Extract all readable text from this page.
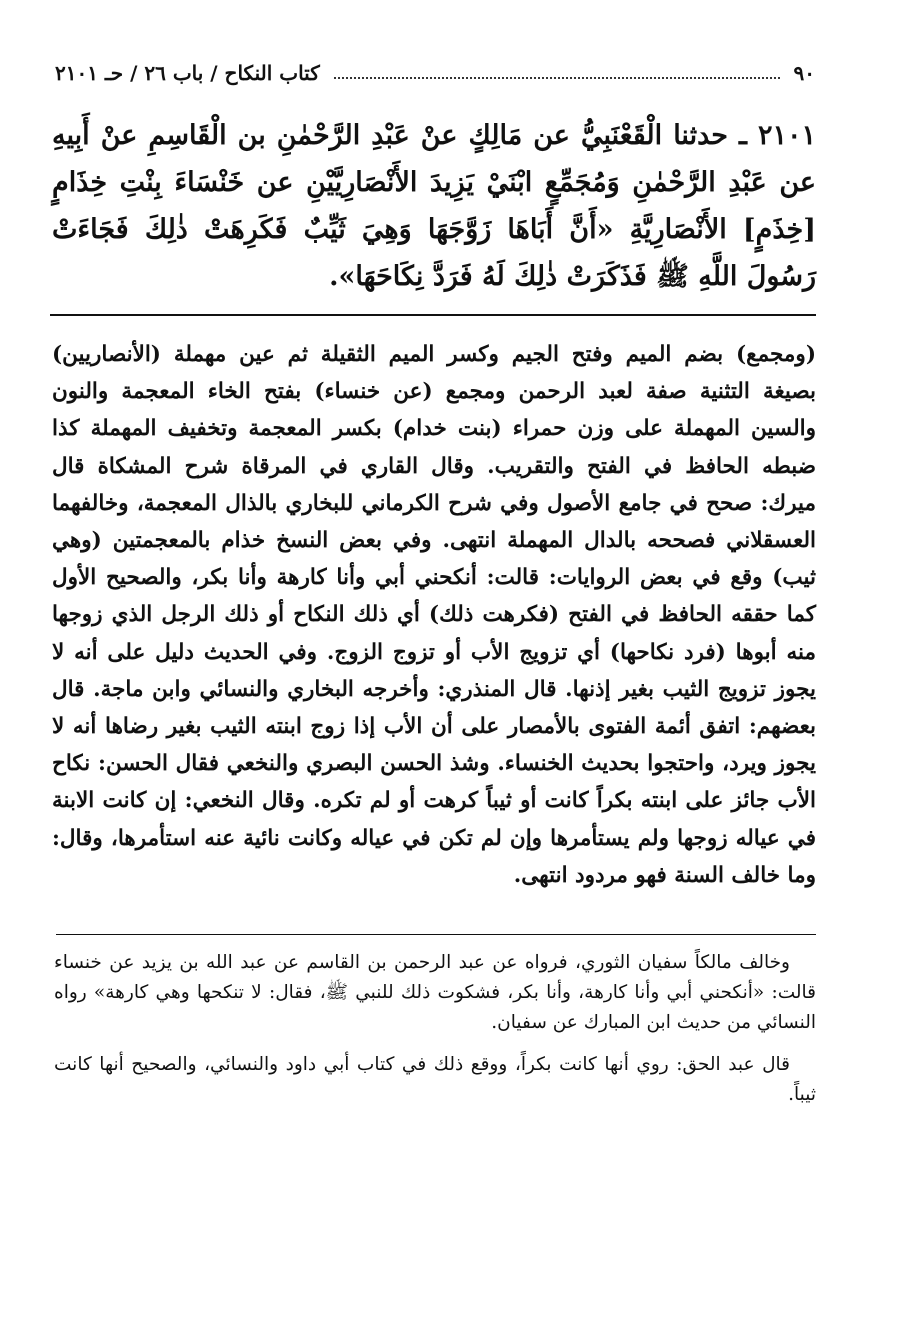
٩٠
كتاب النكاح / باب ٢٦ / حـ ٢١٠١
٢١٠١ ـ حدثنا الْقَعْنَبِيُّ عن مَالِكٍ عنْ عَبْدِ الرَّحْمٰنِ بن الْقَاسِمِ عنْ أَبِيهِ عن عَبْدِ الرَّحْمٰنِ وَمُجَمِّعٍ ابْنَيْ يَزِيدَ الأَنْصَارِيَّيْنِ عن خَنْسَاءَ بِنْتِ خِذَامٍ [خِذَمٍ] الأَنْصَارِيَّةِ «أَنَّ أَبَاهَا زَوَّجَهَا وَهِيَ ثَيِّبٌ فَكَرِهَتْ ذٰلِكَ فَجَاءَتْ رَسُولَ اللَّهِ ﷺ فَذَكَرَتْ ذٰلِكَ لَهُ فَرَدَّ نِكَاحَهَا».
(ومجمع) بضم الميم وفتح الجيم وكسر الميم الثقيلة ثم عين مهملة (الأنصاريين) بصيغة التثنية صفة لعبد الرحمن ومجمع (عن خنساء) بفتح الخاء المعجمة والنون والسين المهملة على وزن حمراء (بنت خدام) بكسر المعجمة وتخفيف المهملة كذا ضبطه الحافظ في الفتح والتقريب. وقال القاري في المرقاة شرح المشكاة قال ميرك: صحح في جامع الأصول وفي شرح الكرماني للبخاري بالذال المعجمة، وخالفهما العسقلاني فصححه بالدال المهملة انتهى. وفي بعض النسخ خذام بالمعجمتين (وهي ثيب) وقع في بعض الروايات: قالت: أنكحني أبي وأنا كارهة وأنا بكر، والصحيح الأول كما حققه الحافظ في الفتح (فكرهت ذلك) أي ذلك النكاح أو ذلك الرجل الذي زوجها منه أبوها (فرد نكاحها) أي تزويج الأب أو تزوج الزوج. وفي الحديث دليل على أنه لا يجوز تزويج الثيب بغير إذنها. قال المنذري: وأخرجه البخاري والنسائي وابن ماجة. قال بعضهم: اتفق أئمة الفتوى بالأمصار على أن الأب إذا زوج ابنته الثيب بغير رضاها أنه لا يجوز ويرد، واحتجوا بحديث الخنساء. وشذ الحسن البصري والنخعي فقال الحسن: نكاح الأب جائز على ابنته بكراً كانت أو ثيباً كرهت أو لم تكره. وقال النخعي: إن كانت الابنة في عياله زوجها ولم يستأمرها وإن لم تكن في عياله وكانت نائية عنه استأمرها، وقال: وما خالف السنة فهو مردود انتهى.

وخالف مالكاً سفيان الثوري، فرواه عن عبد الرحمن بن القاسم عن عبد الله بن يزيد عن خنساء قالت: «أنكحني أبي وأنا كارهة، وأنا بكر، فشكوت ذلك للنبي ﷺ، فقال: لا تنكحها وهي كارهة» رواه النسائي من حديث ابن المبارك عن سفيان.

قال عبد الحق: روي أنها كانت بكراً، ووقع ذلك في كتاب أبي داود والنسائي، والصحيح أنها كانت ثيباً.
